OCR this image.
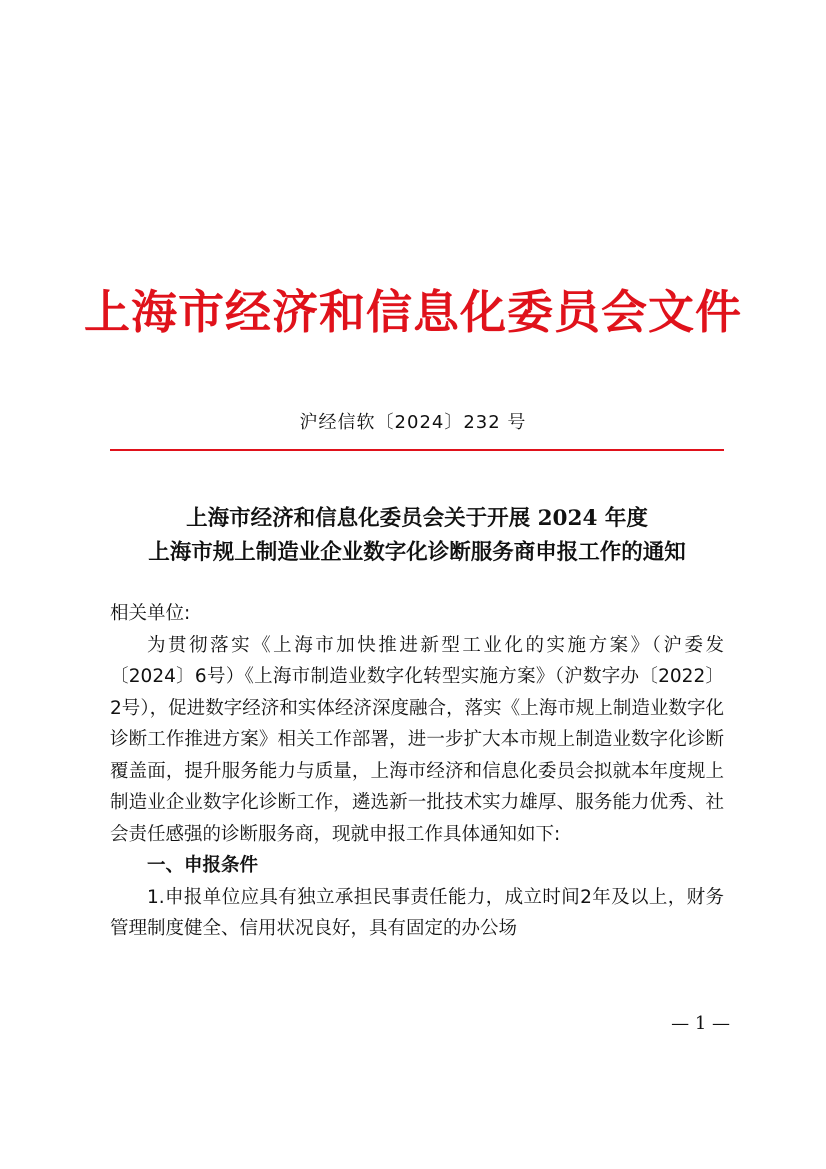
上海市经济和信息化委员会文件
沪经信软〔2024〕232 号
上海市经济和信息化委员会关于开展 2024 年度
上海市规上制造业企业数字化诊断服务商申报工作的通知

相关单位:

为贯彻落实《上海市加快推进新型工业化的实施方案》（沪委发〔2024〕6号）《上海市制造业数字化转型实施方案》（沪数字办〔2022〕2号），促进数字经济和实体经济深度融合，落实《上海市规上制造业数字化诊断工作推进方案》相关工作部署，进一步扩大本市规上制造业数字化诊断覆盖面，提升服务能力与质量，上海市经济和信息化委员会拟就本年度规上制造业企业数字化诊断工作，遴选新一批技术实力雄厚、服务能力优秀、社会责任感强的诊断服务商，现就申报工作具体通知如下:

一、申报条件

1.申报单位应具有独立承担民事责任能力，成立时间2年及以上，财务管理制度健全、信用状况良好，具有固定的办公场

— 1 —
